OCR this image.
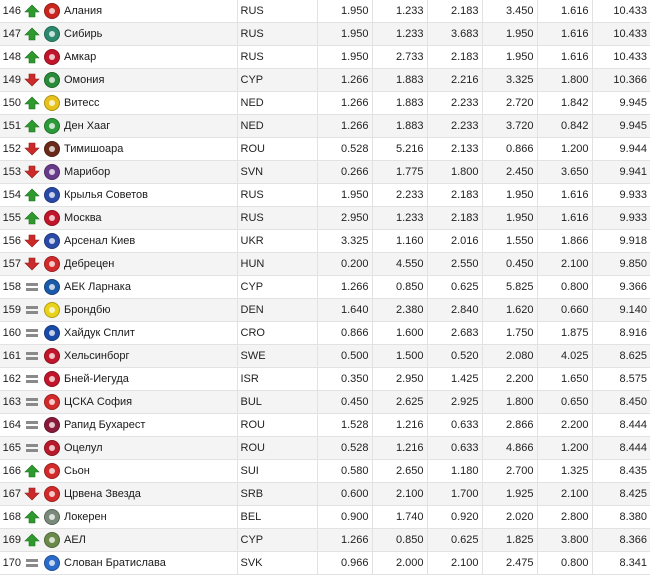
146			Алания	RUS	1.950	1.233	2.183	3.450	1.616	10.433
147			Сибирь	RUS	1.950	1.233	3.683	1.950	1.616	10.433
148			Амкар	RUS	1.950	2.733	2.183	1.950	1.616	10.433
149			Омония	CYP	1.266	1.883	2.216	3.325	1.800	10.366
150			Витесс	NED	1.266	1.883	2.233	2.720	1.842	9.945
151			Ден Хааг	NED	1.266	1.883	2.233	3.720	0.842	9.945
152			Тимишоара	ROU	0.528	5.216	2.133	0.866	1.200	9.944
153			Марибор	SVN	0.266	1.775	1.800	2.450	3.650	9.941
154			Крылья Советов	RUS	1.950	2.233	2.183	1.950	1.616	9.933
155			Москва	RUS	2.950	1.233	2.183	1.950	1.616	9.933
156			Арсенал Киев	UKR	3.325	1.160	2.016	1.550	1.866	9.918
157			Дебрецен	HUN	0.200	4.550	2.550	0.450	2.100	9.850
158			АЕК Ларнака	CYP	1.266	0.850	0.625	5.825	0.800	9.366
159			Брондбю	DEN	1.640	2.380	2.840	1.620	0.660	9.140
160			Хайдук Сплит	CRO	0.866	1.600	2.683	1.750	1.875	8.916
161			Хельсинборг	SWE	0.500	1.500	0.520	2.080	4.025	8.625
162			Бней-Иегуда	ISR	0.350	2.950	1.425	2.200	1.650	8.575
163			ЦСКА София	BUL	0.450	2.625	2.925	1.800	0.650	8.450
164			Рапид Бухарест	ROU	1.528	1.216	0.633	2.866	2.200	8.444
165			Оцелул	ROU	0.528	1.216	0.633	4.866	1.200	8.444
166			Сьон	SUI	0.580	2.650	1.180	2.700	1.325	8.435
167			Црвена Звезда	SRB	0.600	2.100	1.700	1.925	2.100	8.425
168			Локерен	BEL	0.900	1.740	0.920	2.020	2.800	8.380
169			АЕЛ	CYP	1.266	0.850	0.625	1.825	3.800	8.366
170			Слован Братислава	SVK	0.966	2.000	2.100	2.475	0.800	8.341
